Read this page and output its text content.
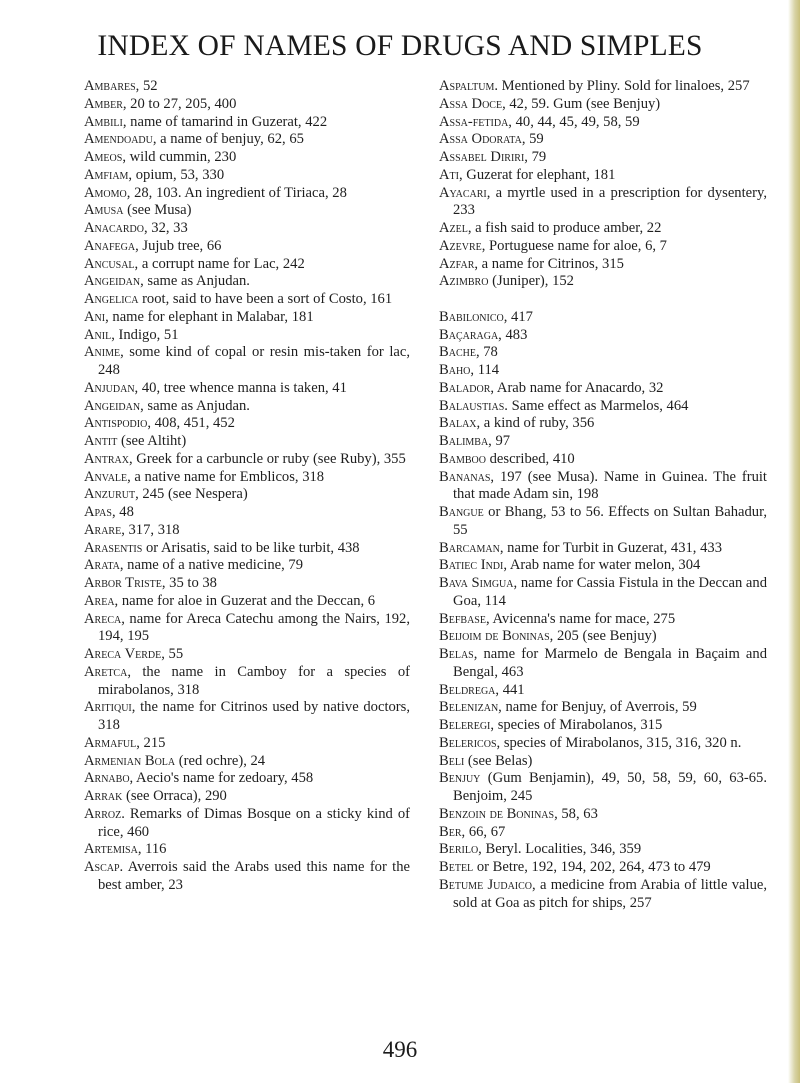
INDEX OF NAMES OF DRUGS AND SIMPLES
Ambares, 52
Amber, 20 to 27, 205, 400
Ambili, name of tamarind in Guzerat, 422
Amendoadu, a name of benjuy, 62, 65
Ameos, wild cummin, 230
Amfiam, opium, 53, 330
Amomo, 28, 103. An ingredient of Tiriaca, 28
Amusa (see Musa)
Anacardo, 32, 33
Anafega, Jujub tree, 66
Ancusal, a corrupt name for Lac, 242
Angeidan, same as Anjudan.
Angelica root, said to have been a sort of Costo, 161
Ani, name for elephant in Malabar, 181
Anil, Indigo, 51
Anime, some kind of copal or resin mis-taken for lac, 248
Anjudan, 40, tree whence manna is taken, 41
Angeidan, same as Anjudan.
Antispodio, 408, 451, 452
Antit (see Altiht)
Antrax, Greek for a carbuncle or ruby (see Ruby), 355
Anvale, a native name for Emblicos, 318
Anzurut, 245 (see Nespera)
Apas, 48
Arare, 317, 318
Arasentis or Arisatis, said to be like turbit, 438
Arata, name of a native medicine, 79
Arbor Triste, 35 to 38
Area, name for aloe in Guzerat and the Deccan, 6
Areca, name for Areca Catechu among the Nairs, 192, 194, 195
Areca Verde, 55
Aretca, the name in Camboy for a species of mirabolanos, 318
Aritiqui, the name for Citrinos used by native doctors, 318
Armaful, 215
Armenian Bola (red ochre), 24
Arnabo, Aecio's name for zedoary, 458
Arrak (see Orraca), 290
Arroz. Remarks of Dimas Bosque on a sticky kind of rice, 460
Artemisa, 116
Ascap. Averrois said the Arabs used this name for the best amber, 23
Aspaltum. Mentioned by Pliny. Sold for linaloes, 257
Assa Doce, 42, 59. Gum (see Benjuy)
Assa-fetida, 40, 44, 45, 49, 58, 59
Assa Odorata, 59
Assabel Diriri, 79
Ati, Guzerat for elephant, 181
Ayacari, a myrtle used in a prescription for dysentery, 233
Azel, a fish said to produce amber, 22
Azevre, Portuguese name for aloe, 6, 7
Azfar, a name for Citrinos, 315
Azimbro (Juniper), 152
Babilonico, 417
Baçaraga, 483
Bache, 78
Baho, 114
Balador, Arab name for Anacardo, 32
Balaustias. Same effect as Marmelos, 464
Balax, a kind of ruby, 356
Balimba, 97
Bamboo described, 410
Bananas, 197 (see Musa). Name in Guinea. The fruit that made Adam sin, 198
Bangue or Bhang, 53 to 56. Effects on Sultan Bahadur, 55
Barcaman, name for Turbit in Guzerat, 431, 433
Batiec Indi, Arab name for water melon, 304
Bava Simgua, name for Cassia Fistula in the Deccan and Goa, 114
Befbase, Avicenna's name for mace, 275
Beijoim de Boninas, 205 (see Benjuy)
Belas, name for Marmelo de Bengala in Baçaim and Bengal, 463
Beldrega, 441
Belenizan, name for Benjuy, of Averrois, 59
Beleregi, species of Mirabolanos, 315
Belericos, species of Mirabolanos, 315, 316, 320 n.
Beli (see Belas)
Benjuy (Gum Benjamin), 49, 50, 58, 59, 60, 63-65. Benjoim, 245
Benzoin de Boninas, 58, 63
Ber, 66, 67
Berilo, Beryl. Localities, 346, 359
Betel or Betre, 192, 194, 202, 264, 473 to 479
Betume Judaico, a medicine from Arabia of little value, sold at Goa as pitch for ships, 257
496
